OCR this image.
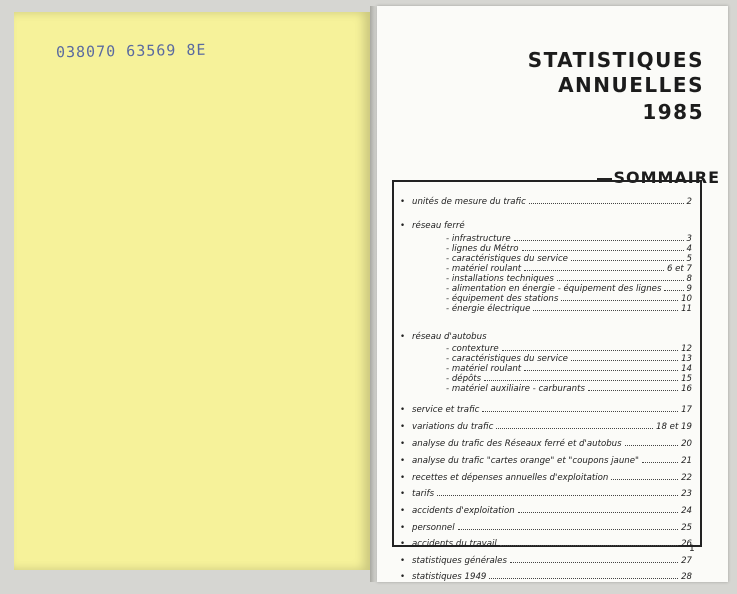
038070 63569 8E	STATISTIQUES
ANNUELLES
1985
SOMMAIRE
• unités de mesure du trafic	2
• réseau ferré
- infrastructure	3
- lignes du Métro	4
- caractéristiques du service	5
- matériel roulant	6 et 7
- installations techniques	8
- alimentation en énergie - équipement des lignes	9
- équipement des stations	10
- énergie électrique	11
• réseau d'autobus
- contexture	12
- caractéristiques du service	13
- matériel roulant	14
- dépôts	15
- matériel auxiliaire - carburants	16
• service et trafic	17
• variations du trafic	18 et 19
• analyse du trafic des Réseaux ferré et d'autobus	20
• analyse du trafic "cartes orange" et "coupons jaune"	21
• recettes et dépenses annuelles d'exploitation	22
• tarifs	23
• accidents d'exploitation	24
• personnel	25
• accidents du travail	26
• statistiques générales	27
• statistiques 1949	28
1
